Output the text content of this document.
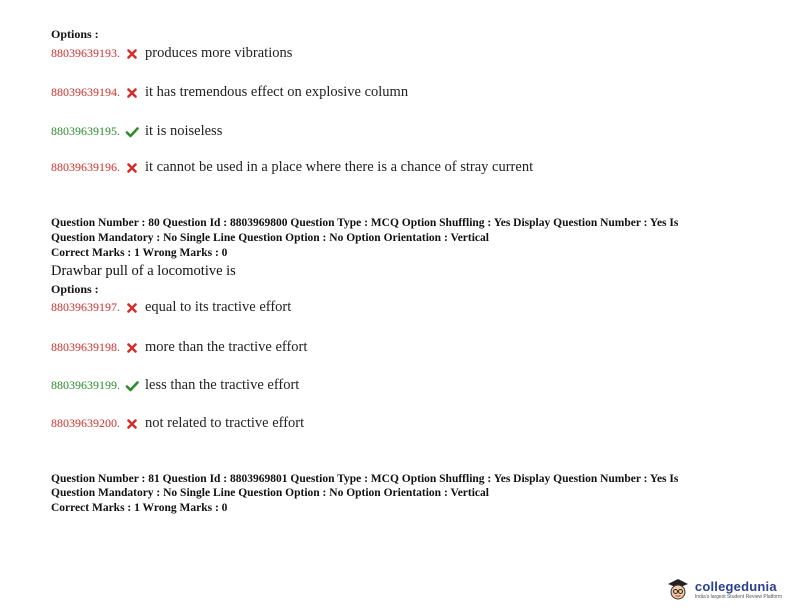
Options :
88039639193. produces more vibrations
88039639194. it has tremendous effect on explosive column
88039639195. it is noiseless
88039639196. it cannot be used in a place where there is a chance of stray current
Question Number : 80 Question Id : 8803969800 Question Type : MCQ Option Shuffling : Yes Display Question Number : Yes Is
Question Mandatory : No Single Line Question Option : No Option Orientation : Vertical
Correct Marks : 1 Wrong Marks : 0
Drawbar pull of a locomotive is
Options :
88039639197. equal to its tractive effort
88039639198. more than the tractive effort
88039639199. less than the tractive effort
88039639200. not related to tractive effort
Question Number : 81 Question Id : 8803969801 Question Type : MCQ Option Shuffling : Yes Display Question Number : Yes Is
Question Mandatory : No Single Line Question Option : No Option Orientation : Vertical
Correct Marks : 1 Wrong Marks : 0
collegedunia
India's largest Student Review Platform
